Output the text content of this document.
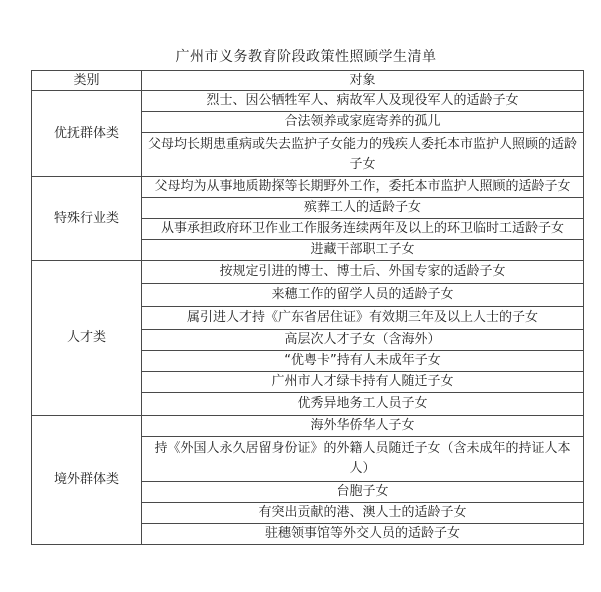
广州市义务教育阶段政策性照顾学生清单
类别	对象
优抚群体类	烈士、因公牺牲军人、病故军人及现役军人的适龄子女
	合法领养或家庭寄养的孤儿
	父母均长期患重病或失去监护子女能力的残疾人委托本市监护人照顾的适龄子女
特殊行业类	父母均为从事地质勘探等长期野外工作，委托本市监护人照顾的适龄子女
	殡葬工人的适龄子女
	从事承担政府环卫作业工作服务连续两年及以上的环卫临时工适龄子女
	进藏干部职工子女
人才类	按规定引进的博士、博士后、外国专家的适龄子女
	来穗工作的留学人员的适龄子女
	属引进人才持《广东省居住证》有效期三年及以上人士的子女
	高层次人才子女（含海外）
	“优粤卡”持有人未成年子女
	广州市人才绿卡持有人随迁子女
	优秀异地务工人员子女
境外群体类	海外华侨华人子女
	持《外国人永久居留身份证》的外籍人员随迁子女（含未成年的持证人本人）
	台胞子女
	有突出贡献的港、澳人士的适龄子女
	驻穗领事馆等外交人员的适龄子女
